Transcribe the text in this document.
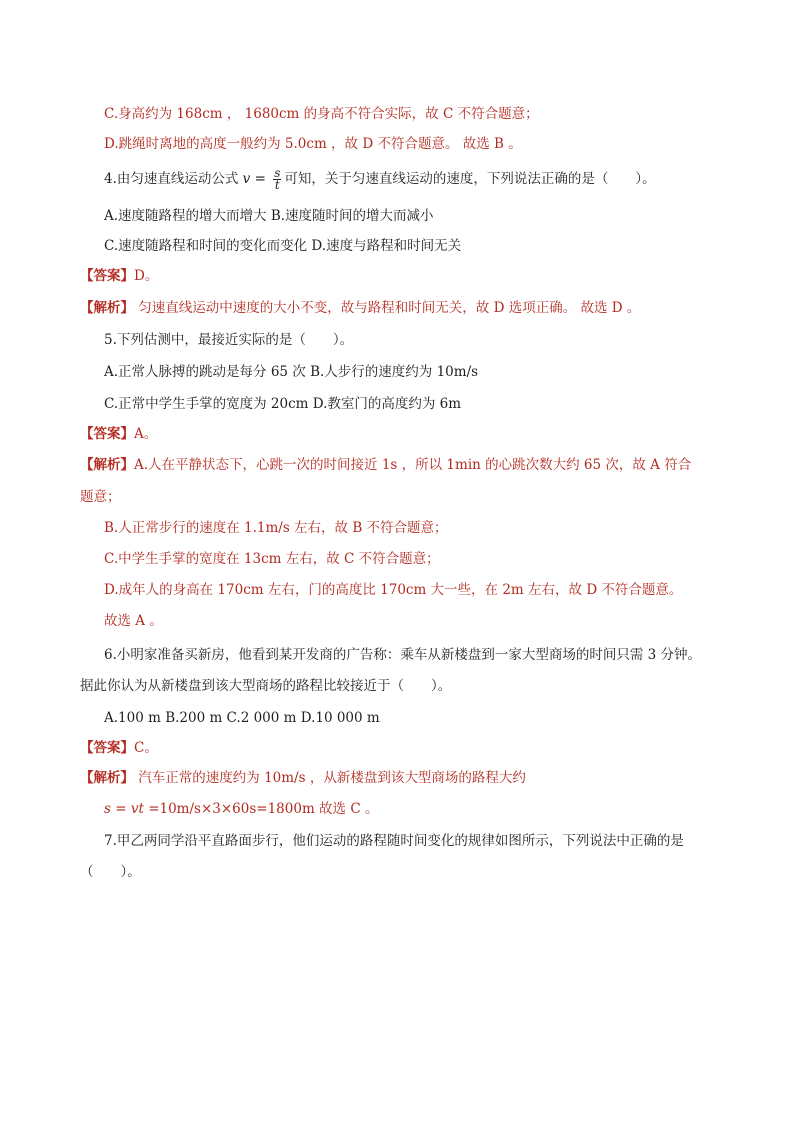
C.身高约为 168cm ， 1680cm 的身高不符合实际，故 C 不符合题意；
D.跳绳时离地的高度一般约为 5.0cm ，故 D 不符合题意。 故选 B 。
4.由匀速直线运动公式 $v = \frac{s}{t}$ 可知，关于匀速直线运动的速度，下列说法正确的是（　　）。
A.速度随路程的增大而增大 B.速度随时间的增大而减小
C.速度随路程和时间的变化而变化 D.速度与路程和时间无关
【答案】D。
【解析】 匀速直线运动中速度的大小不变，故与路程和时间无关，故 D 选项正确。 故选 D 。
5.下列估测中，最接近实际的是（　　）。
A.正常人脉搏的跳动是每分 65 次 B.人步行的速度约为 10m/s
C.正常中学生手掌的宽度为 20cm D.教室门的高度约为 6m
【答案】A。
【解析】A.人在平静状态下，心跳一次的时间接近 1s ，所以 1min 的心跳次数大约 65 次，故 A 符合
题意；
B.人正常步行的速度在 1.1m/s 左右，故 B 不符合题意；
C.中学生手掌的宽度在 13cm 左右，故 C 不符合题意；
D.成年人的身高在 170cm 左右，门的高度比 170cm 大一些，在 2m 左右，故 D 不符合题意。
故选 A 。
6.小明家准备买新房，他看到某开发商的广告称：乘车从新楼盘到一家大型商场的时间只需 3 分钟。
据此你认为从新楼盘到该大型商场的路程比较接近于（　　）。
A.100 m B.200 m C.2 000 m D.10 000 m
【答案】C。
【解析】 汽车正常的速度约为 10m/s ，从新楼盘到该大型商场的路程大约
s = vt =10m/s×3×60s=1800m 故选 C 。
7.甲乙两同学沿平直路面步行，他们运动的路程随时间变化的规律如图所示，下列说法中正确的是
（　　）。
